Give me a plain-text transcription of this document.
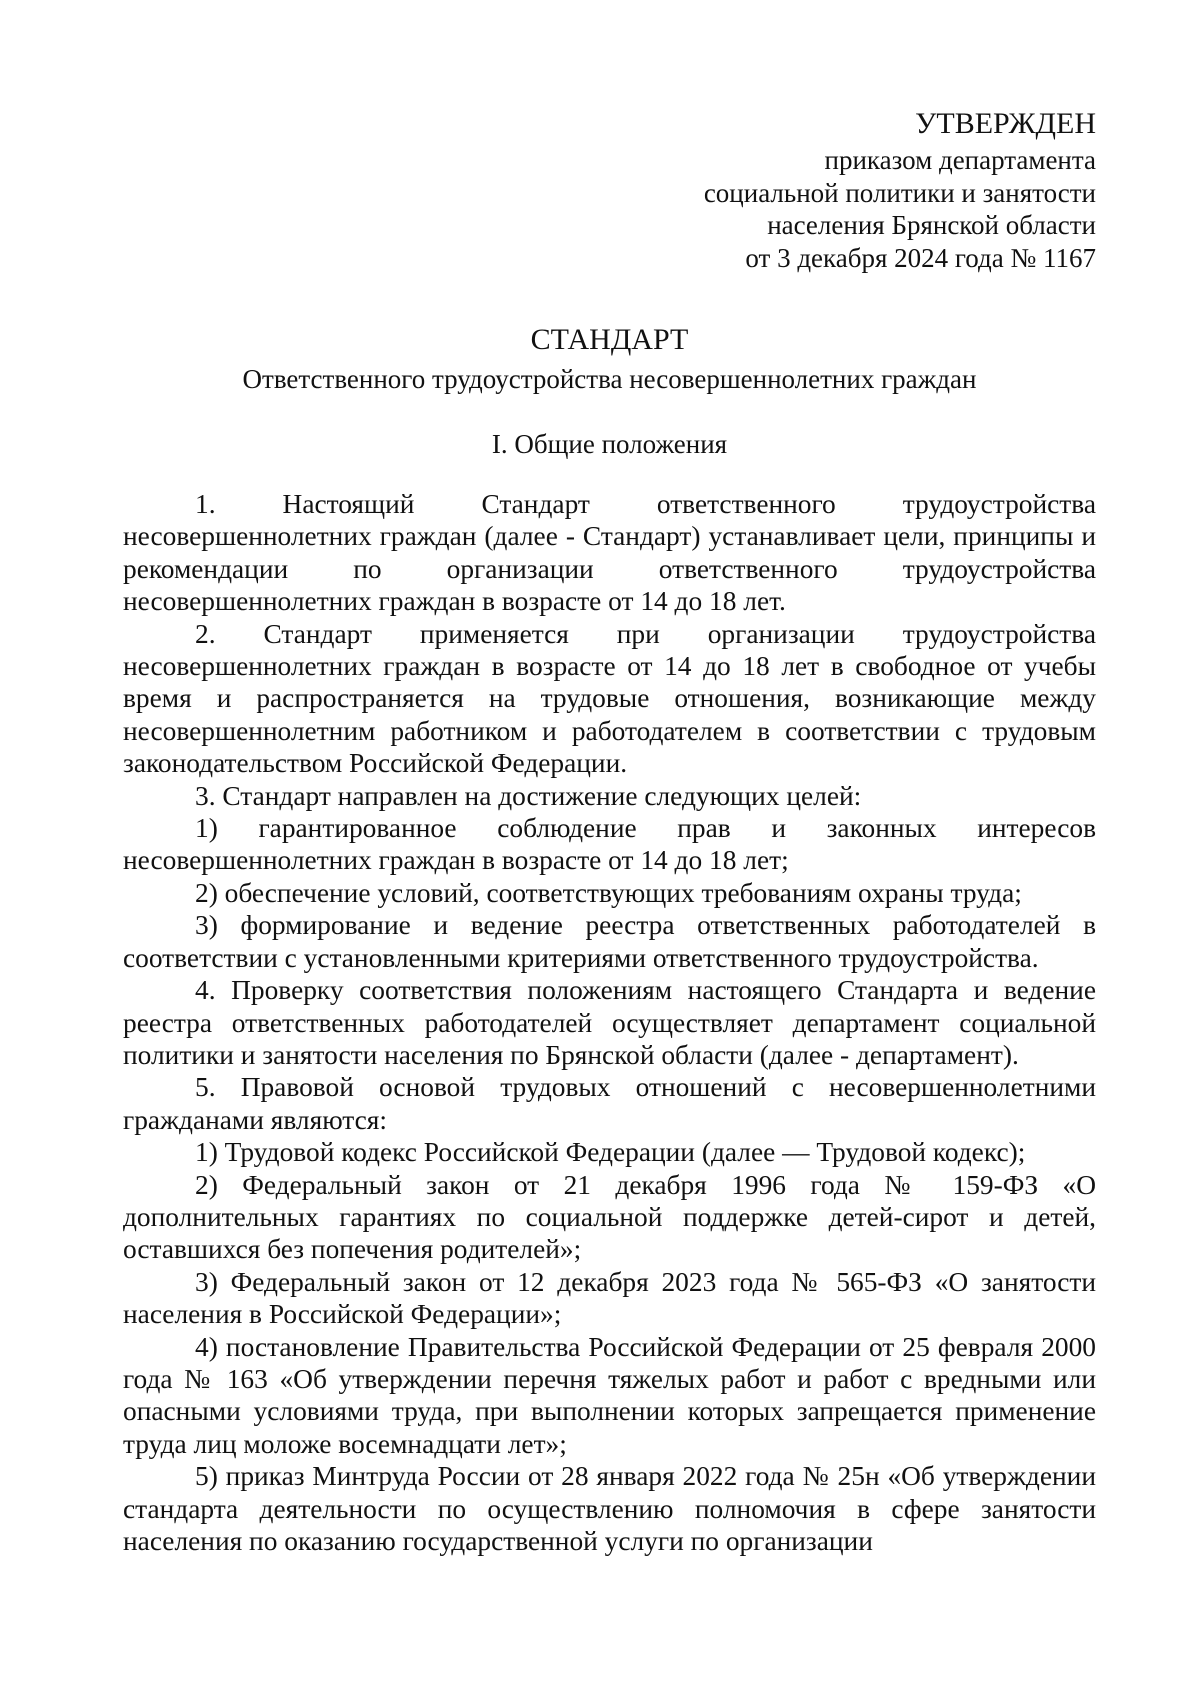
УТВЕРЖДЕН
приказом департамента
социальной политики и занятости
населения Брянской области
от 3 декабря 2024 года № 1167
СТАНДАРТ
Ответственного трудоустройства несовершеннолетних граждан
I. Общие положения

1. Настоящий Стандарт ответственного трудоустройства несовершеннолетних граждан (далее - Стандарт) устанавливает цели, принципы и рекомендации по организации ответственного трудоустройства несовершеннолетних граждан в возрасте от 14 до 18 лет.

2. Стандарт применяется при организации трудоустройства несовершеннолетних граждан в возрасте от 14 до 18 лет в свободное от учебы время и распространяется на трудовые отношения, возникающие между несовершеннолетним работником и работодателем в соответствии с трудовым законодательством Российской Федерации.

3. Стандарт направлен на достижение следующих целей:

1) гарантированное соблюдение прав и законных интересов несовершеннолетних граждан в возрасте от 14 до 18 лет;

2) обеспечение условий, соответствующих требованиям охраны труда;

3) формирование и ведение реестра ответственных работодателей в соответствии с установленными критериями ответственного трудоустройства.

4. Проверку соответствия положениям настоящего Стандарта и ведение реестра ответственных работодателей осуществляет департамент социальной политики и занятости населения по Брянской области (далее - департамент).

5. Правовой основой трудовых отношений с несовершеннолетними гражданами являются:

1) Трудовой кодекс Российской Федерации (далее — Трудовой кодекс);

2) Федеральный закон от 21 декабря 1996 года № 159-ФЗ «О дополнительных гарантиях по социальной поддержке детей-сирот и детей, оставшихся без попечения родителей»;

3) Федеральный закон от 12 декабря 2023 года № 565-ФЗ «О занятости населения в Российской Федерации»;

4) постановление Правительства Российской Федерации от 25 февраля 2000 года № 163 «Об утверждении перечня тяжелых работ и работ с вредными или опасными условиями труда, при выполнении которых запрещается применение труда лиц моложе восемнадцати лет»;

5) приказ Минтруда России от 28 января 2022 года № 25н «Об утверждении стандарта деятельности по осуществлению полномочия в сфере занятости населения по оказанию государственной услуги по организации
